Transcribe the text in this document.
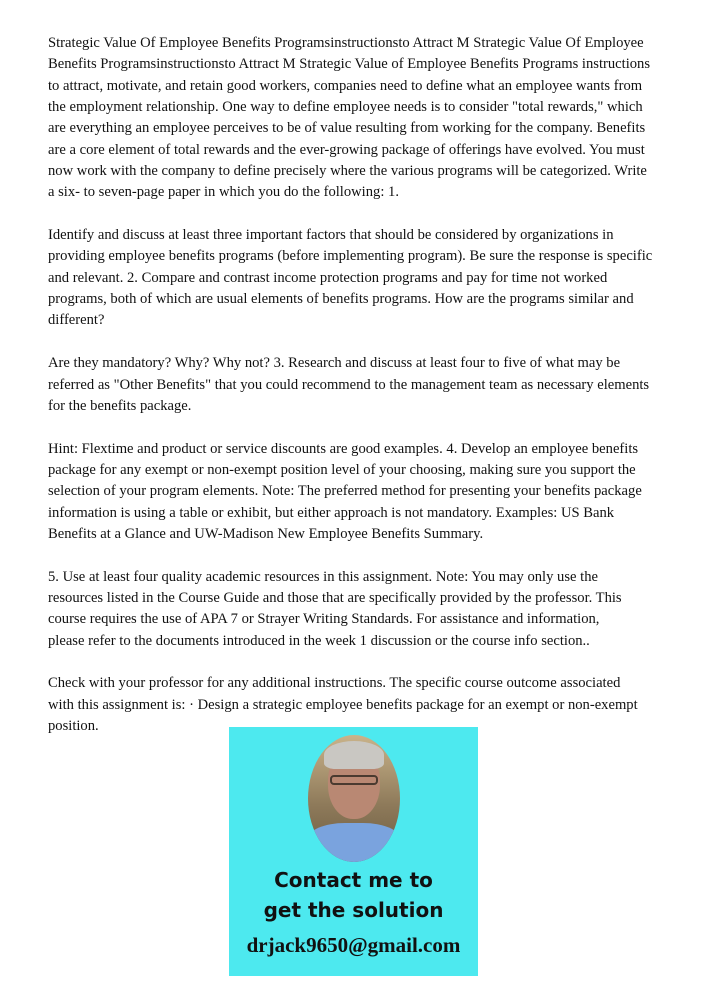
Strategic Value Of Employee Benefits Programsinstructionsto Attract M Strategic Value Of Employee
Benefits Programsinstructionsto Attract M Strategic Value of Employee Benefits Programs instructions
to attract, motivate, and retain good workers, companies need to define what an employee wants from
the employment relationship. One way to define employee needs is to consider "total rewards," which
are everything an employee perceives to be of value resulting from working for the company. Benefits
are a core element of total rewards and the ever-growing package of offerings have evolved. You must
now work with the company to define precisely where the various programs will be categorized. Write
a six- to seven-page paper in which you do the following: 1.
Identify and discuss at least three important factors that should be considered by organizations in
providing employee benefits programs (before implementing program). Be sure the response is specific
and relevant. 2. Compare and contrast income protection programs and pay for time not worked
programs, both of which are usual elements of benefits programs. How are the programs similar and
different?
Are they mandatory? Why? Why not? 3. Research and discuss at least four to five of what may be
referred as "Other Benefits" that you could recommend to the management team as necessary elements
for the benefits package.
Hint: Flextime and product or service discounts are good examples. 4. Develop an employee benefits
package for any exempt or non-exempt position level of your choosing, making sure you support the
selection of your program elements. Note: The preferred method for presenting your benefits package
information is using a table or exhibit, but either approach is not mandatory. Examples: US Bank
Benefits at a Glance and UW-Madison New Employee Benefits Summary.
5. Use at least four quality academic resources in this assignment. Note: You may only use the
resources listed in the Course Guide and those that are specifically provided by the professor. This
course requires the use of APA 7 or Strayer Writing Standards. For assistance and information,
please refer to the documents introduced in the week 1 discussion or the course info section..
Check with your professor for any additional instructions. The specific course outcome associated
with this assignment is: · Design a strategic employee benefits package for an exempt or non-exempt
position.
Contact me to
get the solution
drjack9650@gmail.com
